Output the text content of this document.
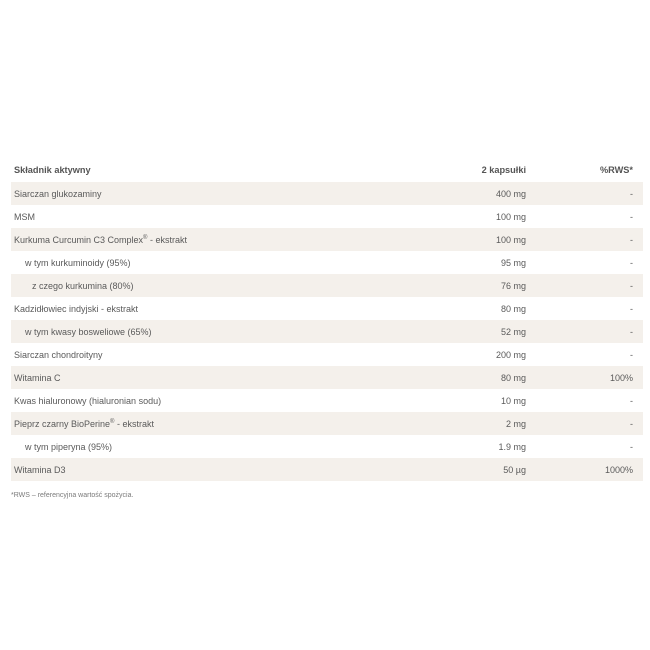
Składnik aktywny	2 kapsułki	%RWS*
Siarczan glukozaminy	400 mg	-
MSM	100 mg	-
Kurkuma Curcumin C3 Complex® - ekstrakt	100 mg	-
w tym kurkuminoidy (95%)	95 mg	-
z czego kurkumina (80%)	76 mg	-
Kadzidłowiec indyjski - ekstrakt	80 mg	-
w tym kwasy bosweliowe (65%)	52 mg	-
Siarczan chondroityny	200 mg	-
Witamina C	80 mg	100%
Kwas hialuronowy (hialuronian sodu)	10 mg	-
Pieprz czarny BioPerine® - ekstrakt	2 mg	-
w tym piperyna (95%)	1.9 mg	-
Witamina D3	50 µg	1000%
*RWS – referencyjna wartość spożycia.
